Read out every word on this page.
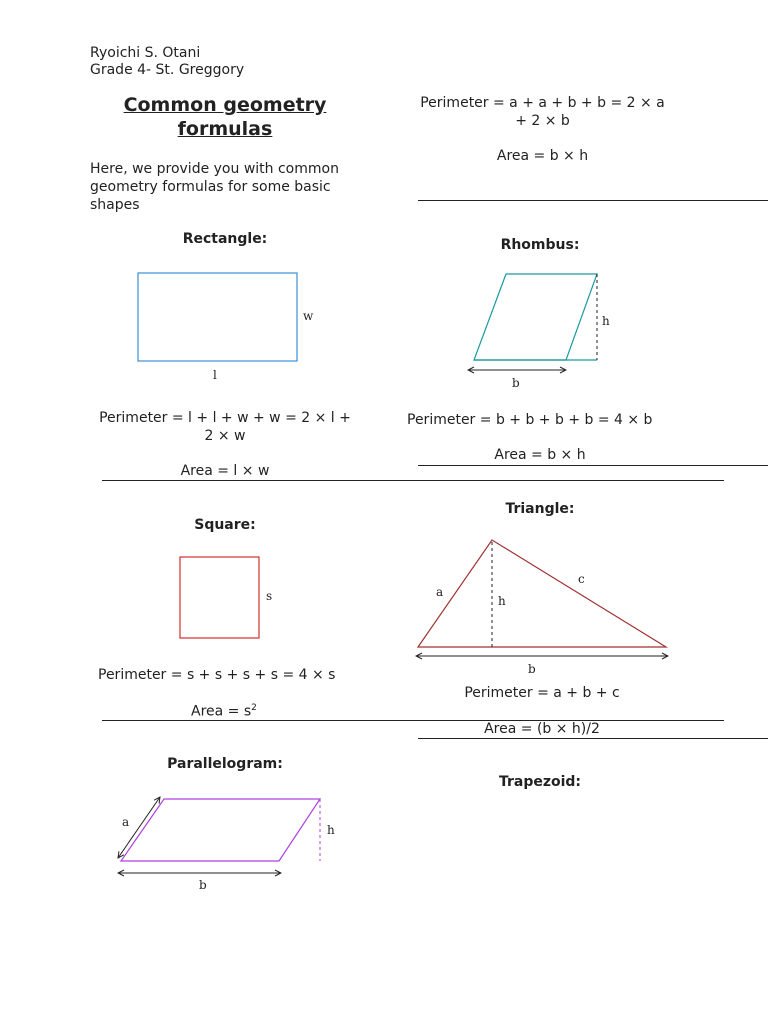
Ryoichi S. Otani
Grade 4- St. Greggory
Common geometry formulas
Here, we provide you with common geometry formulas for some basic shapes
Perimeter = a + a + b + b = 2 × a
+ 2 × b
Area = b × h
Rectangle:
w
l
Perimeter = l + l + w + w = 2 × l +
2 × w
Area = l × w
Rhombus:
h
b
Perimeter = b + b + b + b = 4 × b
Area = b × h
Square:
s
Perimeter = s + s + s + s = 4 × s
Area = $s^2$
Triangle:
a
c
h
b
Perimeter = a + b + c
Area = (b × h)/2
Parallelogram:
a
h
b
Trapezoid:
